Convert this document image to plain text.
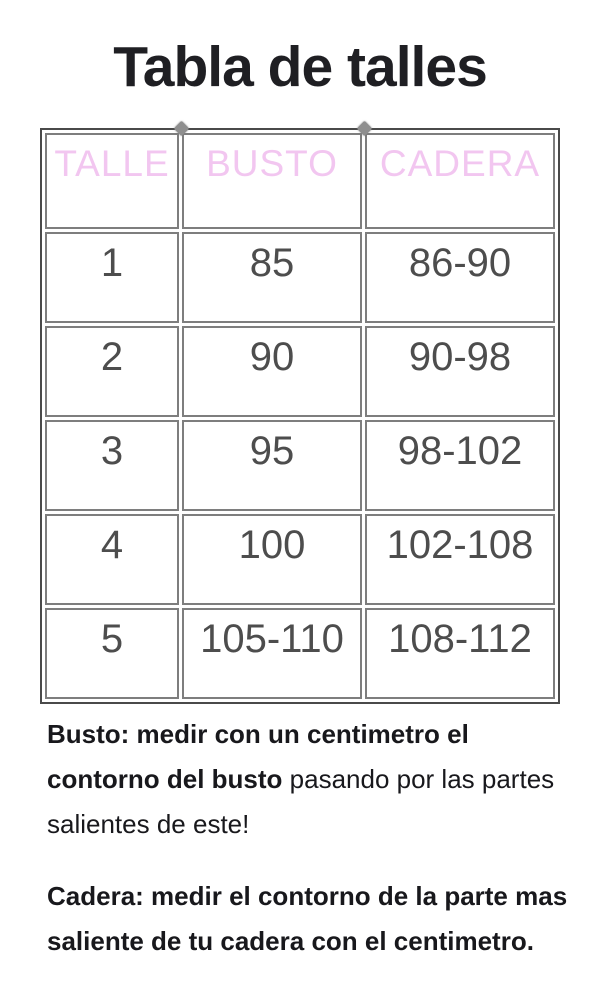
Tabla de talles
TALLE	BUSTO	CADERA
1	85	86-90
2	90	90-98
3	95	98-102
4	100	102-108
5	105-110	108-112

Busto: medir con un centimetro el contorno del busto pasando por las partes salientes de este!

Cadera: medir el contorno de la parte mas saliente de tu cadera con el centimetro.
